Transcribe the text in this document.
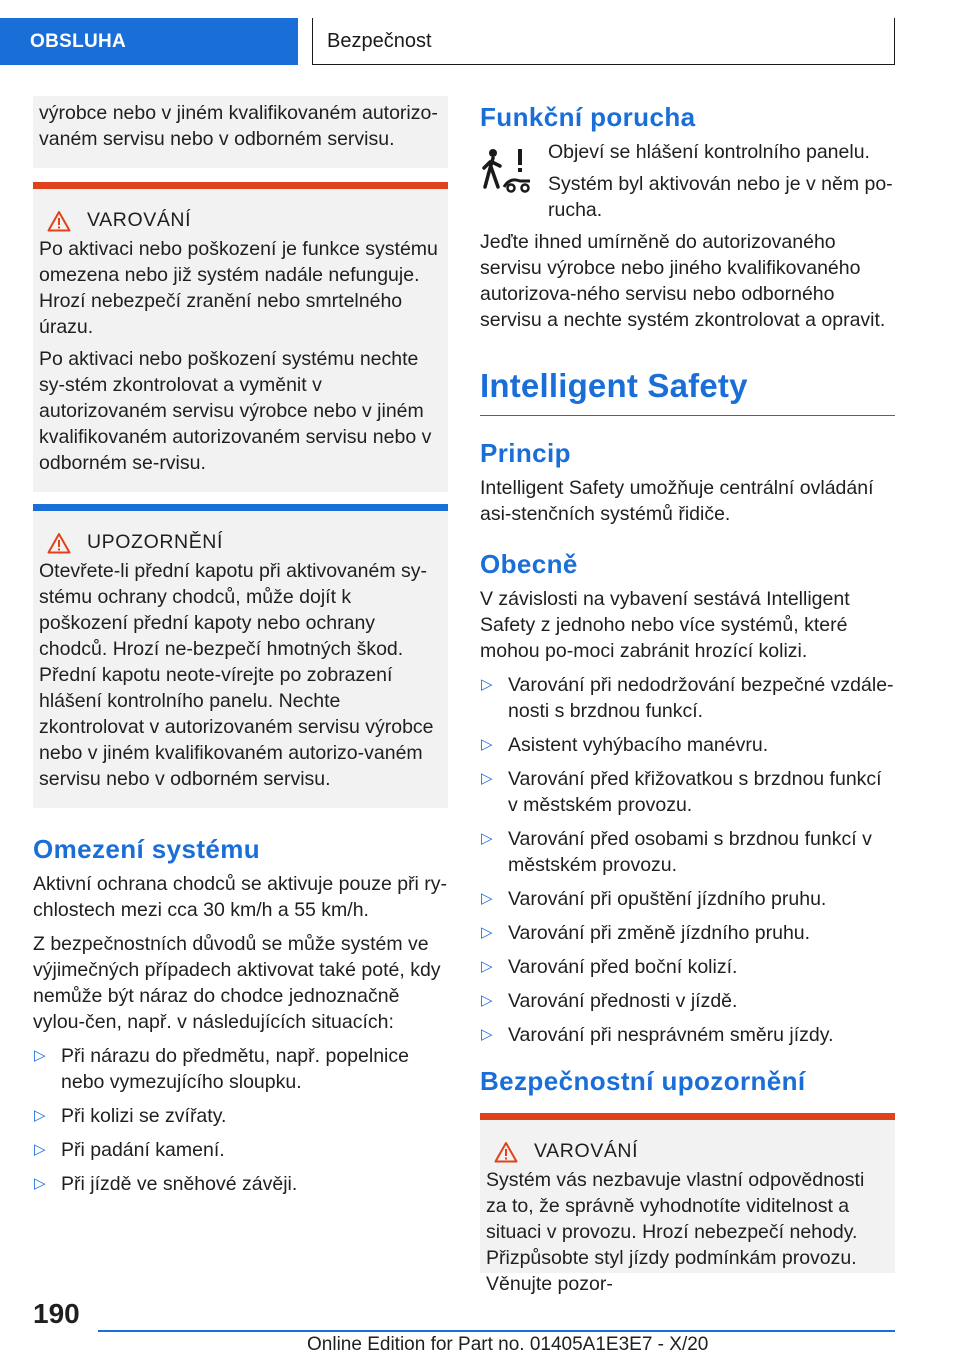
OBSLUHA	Bezpečnost

výrobce nebo v jiném kvalifikovaném autorizo-vaném servisu nebo v odborném servisu.

VAROVÁNÍ

Po aktivaci nebo poškození je funkce systému omezena nebo již systém nadále nefunguje. Hrozí nebezpečí zranění nebo smrtelného úrazu.

Po aktivaci nebo poškození systému nechte sy-stém zkontrolovat a vyměnit v autorizovaném servisu výrobce nebo v jiném kvalifikovaném autorizovaném servisu nebo v odborném se-rvisu.

UPOZORNĚNÍ

Otevřete-li přední kapotu při aktivovaném sy-stému ochrany chodců, může dojít k poškození přední kapoty nebo ochrany chodců. Hrozí ne-bezpečí hmotných škod. Přední kapotu neote-vírejte po zobrazení hlášení kontrolního panelu. Nechte zkontrolovat v autorizovaném servisu výrobce nebo v jiném kvalifikovaném autorizo-vaném servisu nebo v odborném servisu.

Omezení systému

Aktivní ochrana chodců se aktivuje pouze při ry-chlostech mezi cca 30 km/h a 55 km/h.

Z bezpečnostních důvodů se může systém ve výjimečných případech aktivovat také poté, kdy nemůže být náraz do chodce jednoznačně vylou-čen, např. v následujících situacích:

▷ Při nárazu do předmětu, např. popelnice nebo vymezujícího sloupku.
▷ Při kolizi se zvířaty.
▷ Při padání kamení.
▷ Při jízdě ve sněhové závěji.
Funkční porucha

Objeví se hlášení kontrolního panelu.

Systém byl aktivován nebo je v něm po-rucha.

Jeďte ihned umírněně do autorizovaného servisu výrobce nebo jiného kvalifikovaného autorizova-ného servisu nebo odborného servisu a nechte systém zkontrolovat a opravit.

Intelligent Safety
Princip

Intelligent Safety umožňuje centrální ovládání asi-stenčních systémů řidiče.

Obecně

V závislosti na vybavení sestává Intelligent Safety z jednoho nebo více systémů, které mohou po-moci zabránit hrozící kolizi.

▷ Varování při nedodržování bezpečné vzdále-nosti s brzdnou funkcí.
▷ Asistent vyhýbacího manévru.
▷ Varování před křižovatkou s brzdnou funkcí v městském provozu.
▷ Varování před osobami s brzdnou funkcí v městském provozu.
▷ Varování při opuštění jízdního pruhu.
▷ Varování při změně jízdního pruhu.
▷ Varování před boční kolizí.
▷ Varování přednosti v jízdě.
▷ Varování při nesprávném směru jízdy.
Bezpečnostní upozornění
VAROVÁNÍ

Systém vás nezbavuje vlastní odpovědnosti za to, že správně vyhodnotíte viditelnost a situaci v provozu. Hrozí nebezpečí nehody. Přizpůsobte styl jízdy podmínkám provozu. Věnujte pozor-

190
Online Edition for Part no. 01405A1E3E7 - X/20
